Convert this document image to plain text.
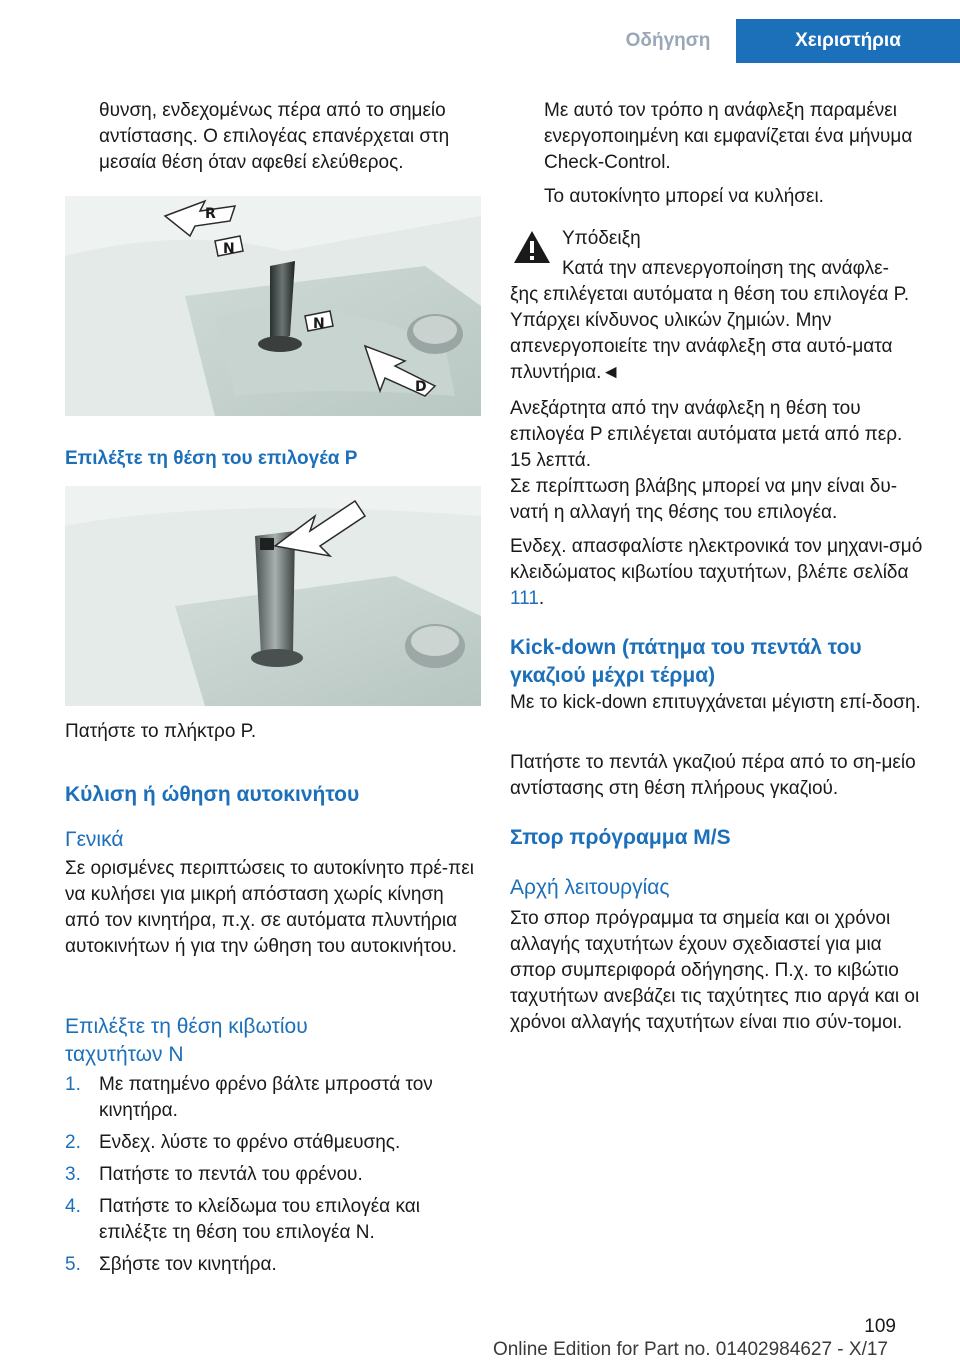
Οδήγηση	Χειριστήρια

θυνση, ενδεχομένως πέρα από το σημείο αντίστασης. Ο επιλογέας επανέρχεται στη μεσαία θέση όταν αφεθεί ελεύθερος.

R
N
N
D
Επιλέξτε τη θέση του επιλογέα P

Πατήστε το πλήκτρο P.

Κύλιση ή ώθηση αυτοκινήτου
Γενικά

Σε ορισμένες περιπτώσεις το αυτοκίνητο πρέ-πει να κυλήσει για μικρή απόσταση χωρίς κίνηση από τον κινητήρα, π.χ. σε αυτόματα πλυντήρια αυτοκινήτων ή για την ώθηση του αυτοκινήτου.

Επιλέξτε τη θέση κιβωτίου ταχυτήτων N
1. Με πατημένο φρένο βάλτε μπροστά τον κινητήρα.
2. Ενδεχ. λύστε το φρένο στάθμευσης.
3. Πατήστε το πεντάλ του φρένου.
4. Πατήστε το κλείδωμα του επιλογέα και επιλέξτε τη θέση του επιλογέα N.
5. Σβήστε τον κινητήρα.

Με αυτό τον τρόπο η ανάφλεξη παραμένει ενεργοποιημένη και εμφανίζεται ένα μήνυμα Check-Control.

Το αυτοκίνητο μπορεί να κυλήσει.

Υπόδειξη
Κατά την απενεργοποίηση της ανάφλε-

ξης επιλέγεται αυτόματα η θέση του επιλογέα P. Υπάρχει κίνδυνος υλικών ζημιών. Μην απενεργοποιείτε την ανάφλεξη στα αυτό-ματα πλυντήρια.◄

Ανεξάρτητα από την ανάφλεξη η θέση του επιλογέα P επιλέγεται αυτόματα μετά από περ. 15 λεπτά.

Σε περίπτωση βλάβης μπορεί να μην είναι δυ-νατή η αλλαγή της θέσης του επιλογέα.

Ενδεχ. απασφαλίστε ηλεκτρονικά τον μηχανι-σμό κλειδώματος κιβωτίου ταχυτήτων, βλέπε σελίδα 111.

Kick-down (πάτημα του πεντάλ του γκαζιού μέχρι τέρμα)

Με το kick-down επιτυγχάνεται μέγιστη επί-δοση.

Πατήστε το πεντάλ γκαζιού πέρα από το ση-μείο αντίστασης στη θέση πλήρους γκαζιού.

Σπορ πρόγραμμα M/S
Αρχή λειτουργίας

Στο σπορ πρόγραμμα τα σημεία και οι χρόνοι αλλαγής ταχυτήτων έχουν σχεδιαστεί για μια σπορ συμπεριφορά οδήγησης. Π.χ. το κιβώτιο ταχυτήτων ανεβάζει τις ταχύτητες πιο αργά και οι χρόνοι αλλαγής ταχυτήτων είναι πιο σύν-τομοι.

109
Online Edition for Part no. 01402984627 - X/17
